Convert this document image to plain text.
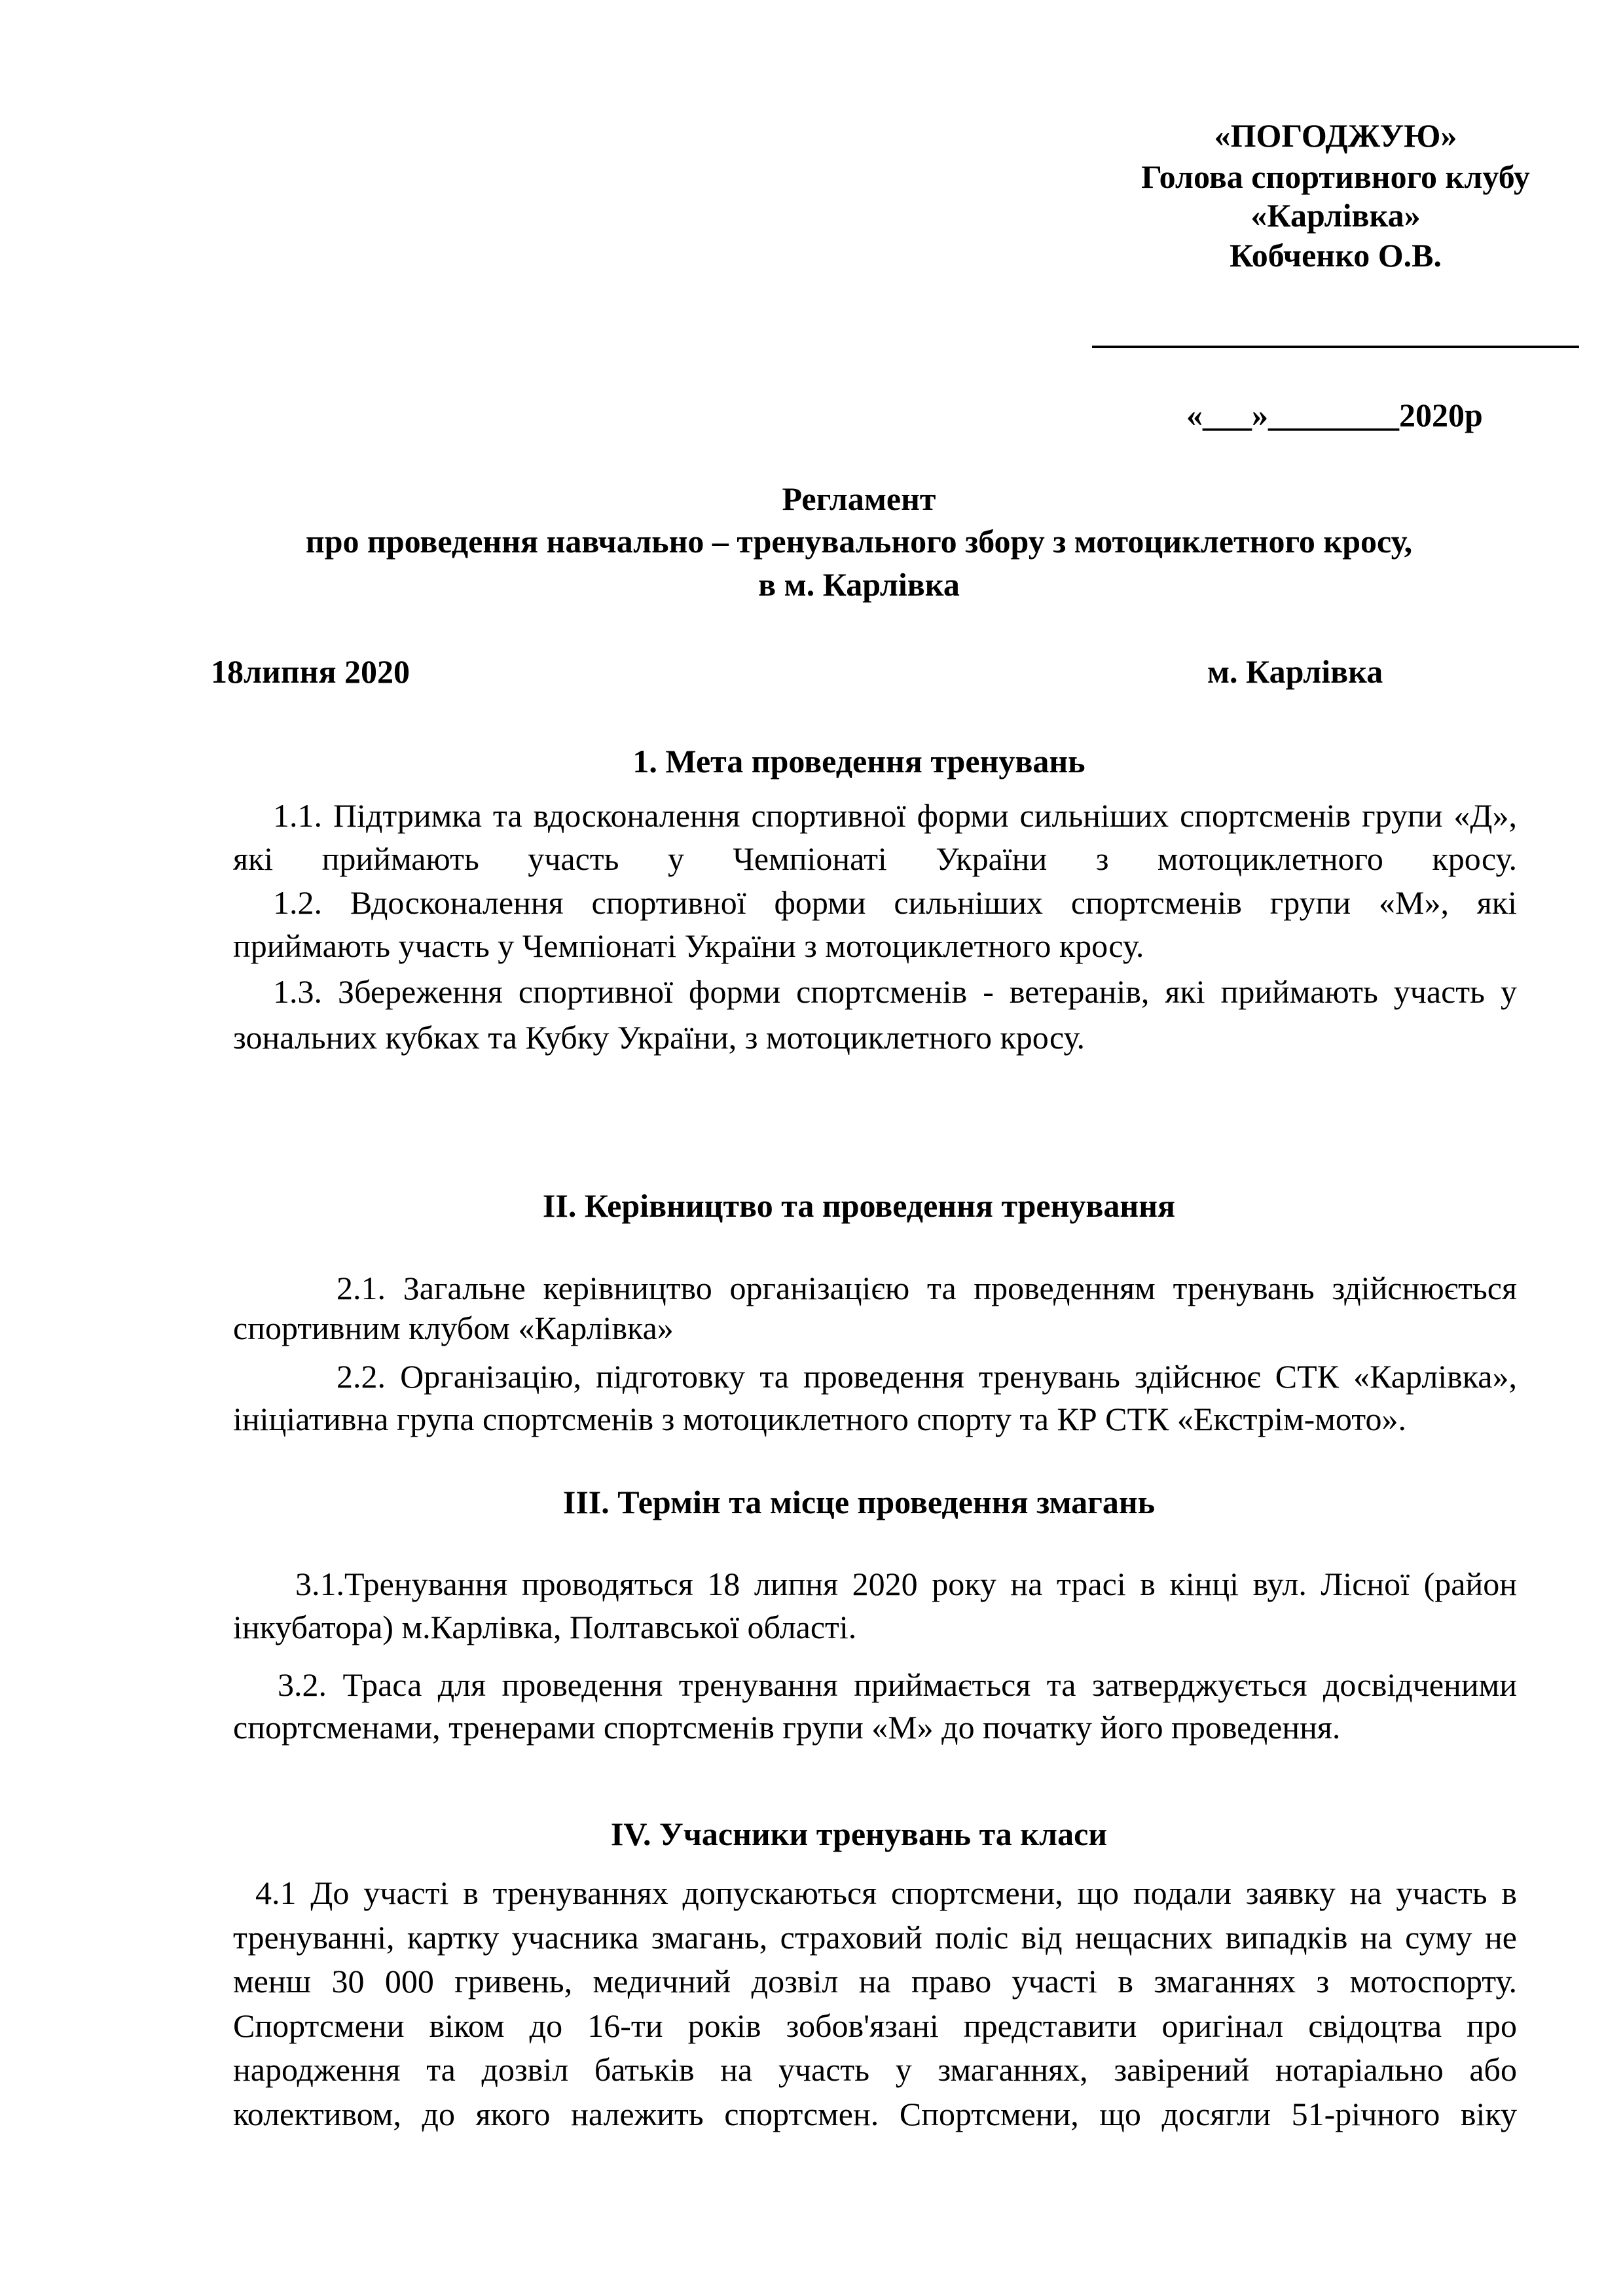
«ПОГОДЖУЮ»
Голова спортивного клубу
«Карлівка»
Кобченко О.В.
«___»________2020р
Регламент
про проведення навчально – тренувального збору з мотоциклетного кросу,
в м. Карлівка
18липня 2020	м. Карлівка
1. Мета проведення тренувань
1.1. Підтримка та вдосконалення спортивної форми сильніших спортсменів групи «Д»,
які приймають участь у Чемпіонаті України з мотоциклетного кросу.
1.2. Вдосконалення спортивної форми сильніших спортсменів групи «М», які
приймають участь у Чемпіонаті України з мотоциклетного кросу.
1.3. Збереження спортивної форми спортсменів - ветеранів, які приймають участь у
зональних кубках та Кубку України, з мотоциклетного кросу.
ІІ. Керівництво та проведення тренування
2.1. Загальне керівництво організацією та проведенням тренувань здійснюється
спортивним клубом «Карлівка»
2.2. Організацію, підготовку та проведення тренувань здійснює СТК «Карлівка»,
ініціативна група спортсменів з мотоциклетного спорту та КР СТК «Екстрім-мото».
ІІІ. Термін та місце проведення змагань
3.1.Тренування проводяться 18 липня 2020 року на трасі в кінці вул. Лісної (район
інкубатора) м.Карлівка, Полтавської області.
3.2. Траса для проведення тренування приймається та затверджується досвідченими
спортсменами, тренерами спортсменів групи «М» до початку його проведення.
IV. Учасники тренувань та класи
4.1 До участі в тренуваннях допускаються спортсмени, що подали заявку на участь в
тренуванні, картку учасника змагань, страховий поліс від нещасних випадків на суму не
менш 30 000 гривень, медичний дозвіл на право участі в змаганнях з мотоспорту.
Спортсмени віком до 16-ти років зобов'язані представити оригінал свідоцтва про
народження та дозвіл батьків на участь у змаганнях, завірений нотаріально або
колективом, до якого належить спортсмен. Спортсмени, що досягли 51-річного віку
